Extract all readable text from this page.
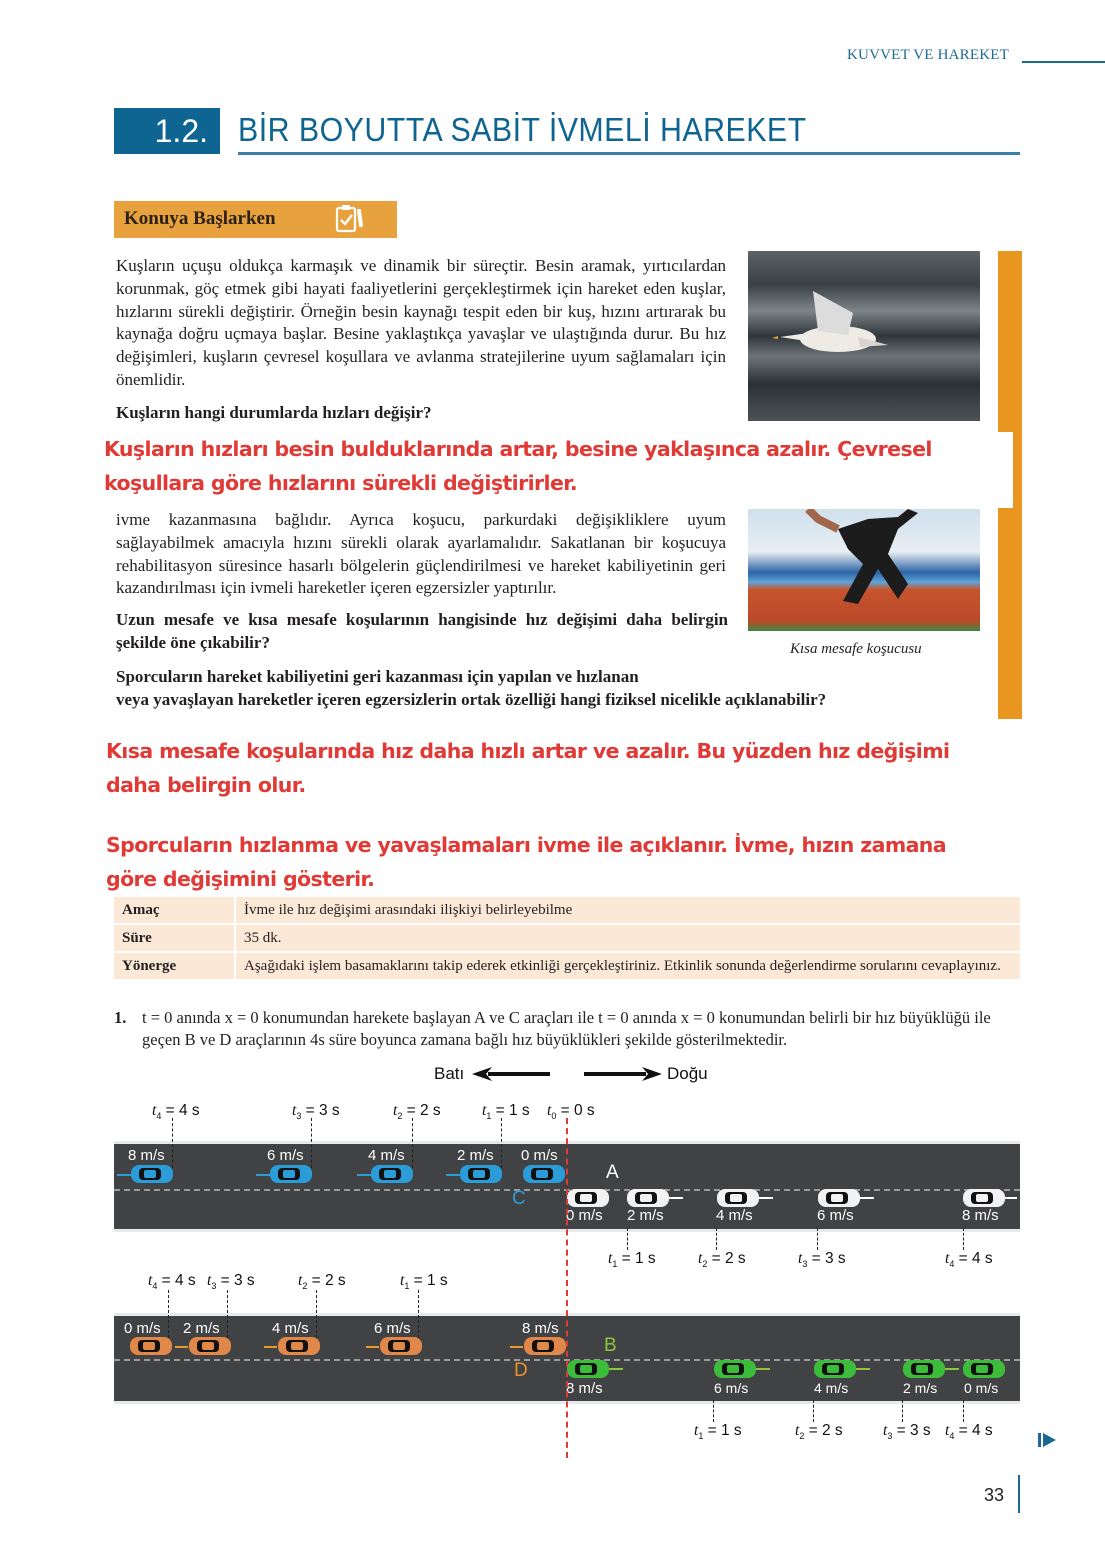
KUVVET VE HAREKET
1.2. BİR BOYUTTA SABİT İVMELİ HAREKET
Konuya Başlarken
Kısa mesafe koşucusu
Kuşların uçuşu oldukça karmaşık ve dinamik bir süreçtir. Besin aramak, yırtıcılardan korunmak, göç etmek gibi hayati faaliyetlerini gerçekleştirmek için hareket eden kuşlar, hızlarını sürekli değiştirir. Örneğin besin kaynağı tespit eden bir kuş, hızını artırarak bu kaynağa doğru uçmaya başlar. Besine yaklaştıkça yavaşlar ve ulaştığında durur. Bu hız değişimleri, kuşların çevresel koşullara ve avlanma stratejilerine uyum sağlamaları için önemlidir.
Kuşların hangi durumlarda hızları değişir?
Kuşların hızları besin bulduklarında artar, besine yaklaşınca azalır. Çevresel koşullara göre hızlarını sürekli değiştirirler.
ivme kazanmasına bağlıdır. Ayrıca koşucu, parkurdaki değişikliklere uyum sağlayabilmek amacıyla hızını sürekli olarak ayarlamalıdır. Sakatlanan bir koşucuya rehabilitasyon süresince hasarlı bölgelerin güçlendirilmesi ve hareket kabiliyetinin geri kazandırılması için ivmeli hareketler içeren egzersizler yaptırılır.
Uzun mesafe ve kısa mesafe koşularının hangisinde hız değişimi daha belirgin şekilde öne çıkabilir?
Sporcuların hareket kabiliyetini geri kazanması için yapılan ve hızlanan
veya yavaşlayan hareketler içeren egzersizlerin ortak özelliği hangi fiziksel nicelikle açıklanabilir?
Kısa mesafe koşularında hız daha hızlı artar ve azalır. Bu yüzden hız değişimi daha belirgin olur.
Sporcuların hızlanma ve yavaşlamaları ivme ile açıklanır. İvme, hızın zamana göre değişimini gösterir.
Amaç	İvme ile hız değişimi arasındaki ilişkiyi belirleyebilme
Süre	35 dk.
Yönerge	Aşağıdaki işlem basamaklarını takip ederek etkinliği gerçekleştiriniz. Etkinlik sonunda değerlendirme sorularını cevaplayınız.
1. t = 0 anında x = 0 konumundan harekete başlayan A ve C araçları ile t = 0 anında x = 0 konumundan belirli bir hız büyüklüğü ile geçen B ve D araçlarının 4s süre boyunca zamana bağlı hız büyüklükleri şekilde gösterilmektedir.
Batı	Doğu
$t_4 = 4$ s	$t_3 = 3$ s	$t_2 = 2$ s	$t_1 = 1$ s $t_0 = 0$ s
8 m/s	6 m/s	4 m/s	2 m/s 0 m/s
C
A
0 m/s 2 m/s	4 m/s	6 m/s	8 m/s
$t_1 = 1$ s	$t_2 = 2$ s	$t_3 = 3$ s	$t_4 = 4$ s
$t_4 = 4$ s $t_3 = 3$ s	$t_2 = 2$ s	$t_1 = 1$ s
0 m/s 2 m/s	4 m/s	6 m/s	8 m/s
D
B
8 m/s	6 m/s	4 m/s	2 m/s 0 m/s
$t_1 = 1$ s	$t_2 = 2$ s	$t_3 = 3$ s $t_4 = 4$ s
33
